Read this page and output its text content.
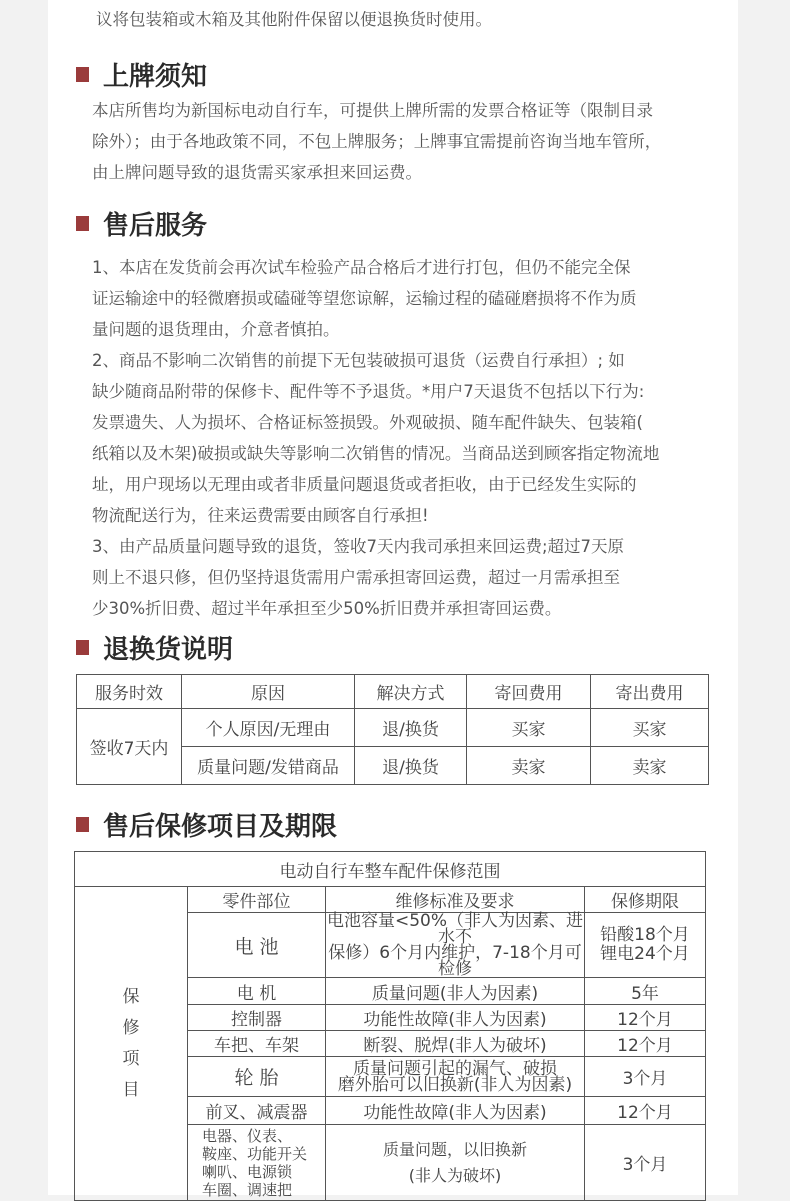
议将包装箱或木箱及其他附件保留以便退换货时使用。
上牌须知
本店所售均为新国标电动自行车，可提供上牌所需的发票合格证等（限制目录
除外）；由于各地政策不同，不包上牌服务；上牌事宜需提前咨询当地车管所，
由上牌问题导致的退货需买家承担来回运费。
售后服务
1、本店在发货前会再次试车检验产品合格后才进行打包，但仍不能完全保
证运输途中的轻微磨损或磕碰等望您谅解，运输过程的磕碰磨损将不作为质
量问题的退货理由，介意者慎拍。
2、商品不影响二次销售的前提下无包装破损可退货（运费自行承担）; 如
缺少随商品附带的保修卡、配件等不予退货。*用户7天退货不包括以下行为:
发票遗失、人为损坏、合格证标签损毁。外观破损、随车配件缺失、包装箱(
纸箱以及木架)破损或缺失等影响二次销售的情况。当商品送到顾客指定物流地
址，用户现场以无理由或者非质量问题退货或者拒收，由于已经发生实际的
物流配送行为，往来运费需要由顾客自行承担!
3、由产品质量问题导致的退货，签收7天内我司承担来回运费;超过7天原
则上不退只修，但仍坚持退货需用户需承担寄回运费，超过一月需承担至
少30%折旧费、超过半年承担至少50%折旧费并承担寄回运费。
退换货说明
服务时效	原因	解决方式	寄回费用	寄出费用
签收7天内	个人原因/无理由	退/换货	买家	买家
	质量问题/发错商品	退/换货	卖家	卖家
售后保修项目及期限
电动自行车整车配件保修范围			

保
修
项
目	零件部位	维修标准及要求	保修期限
	电 池	电池容量<50%（非人为因素、进水不
保修）6个月内维护，7-18个月可检修	铅酸18个月
锂电24个月

	电 机	质量问题(非人为因素)	5年
	控制器	功能性故障(非人为因素)	12个月
	车把、车架	断裂、脱焊(非人为破坏)	12个月
	轮 胎	质量问题引起的漏气、破损
磨外胎可以旧换新(非人为因素)	3个月
	前叉、减震器	功能性故障(非人为因素)	12个月

	电器、仪表、
鞍座、功能开关
喇叭、电源锁
车圈、调速把	质量问题，以旧换新
(非人为破坏)	3个月
